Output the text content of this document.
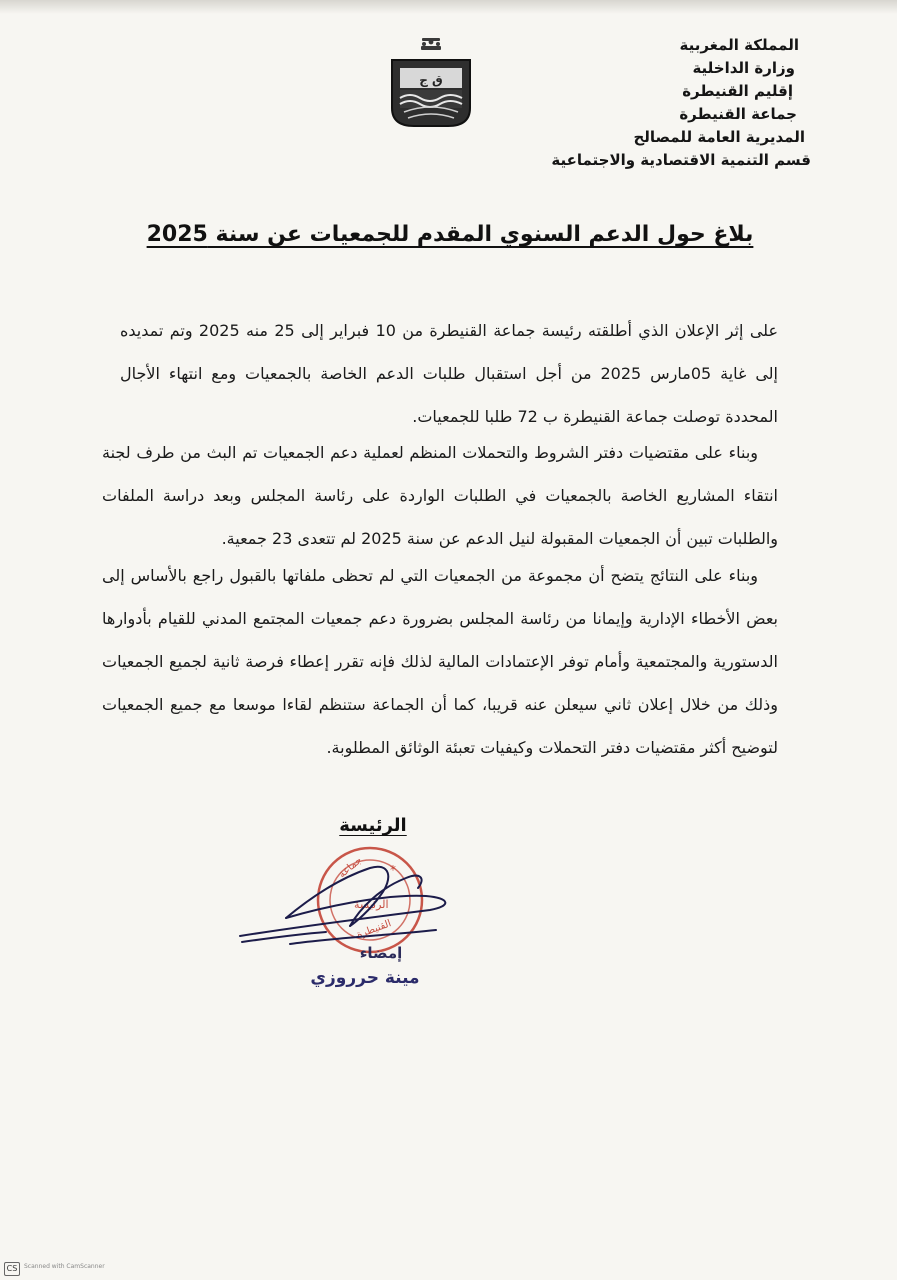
ﻕ ﺝ
المملكة المغربية
وزارة الداخلية
إقليم القنيطرة
جماعة القنيطرة
المديرية العامة للمصالح
قسم التنمية الاقتصادية والاجتماعية
بلاغ حول الدعم السنوي المقدم للجمعيات عن سنة 2025

على إثر الإعلان الذي أطلقته رئيسة جماعة القنيطرة من 10 فبراير إلى 25 منه 2025 وتم تمديده إلى غاية 05مارس 2025 من أجل استقبال طلبات الدعم الخاصة بالجمعيات ومع انتهاء الأجال المحددة توصلت جماعة القنيطرة ب 72 طلبا للجمعيات.

وبناء على مقتضيات دفتر الشروط والتحملات المنظم لعملية دعم الجمعيات تم البث من طرف لجنة انتقاء المشاريع الخاصة بالجمعيات في الطلبات الواردة على رئاسة المجلس وبعد دراسة الملفات والطلبات تبين أن الجمعيات المقبولة لنيل الدعم عن سنة 2025 لم تتعدى 23 جمعية.

وبناء على النتائج يتضح أن مجموعة من الجمعيات التي لم تحظى ملفاتها بالقبول راجع بالأساس إلى بعض الأخطاء الإدارية وإيمانا من رئاسة المجلس بضرورة دعم جمعيات المجتمع المدني للقيام بأدوارها الدستورية والمجتمعية وأمام توفر الإعتمادات المالية لذلك فإنه تقرر إعطاء فرصة ثانية لجميع الجمعيات وذلك من خلال إعلان ثاني سيعلن عنه قريبا، كما أن الجماعة ستنظم لقاءا موسعا مع جميع الجمعيات لتوضيح أكثر مقتضيات دفتر التحملات وكيفيات تعبئة الوثائق المطلوبة.

الرئيسة
جماعة *
القنيطرة
الرئيسة
إمضاء
مينة حرروزي
CS	Scanned with CamScanner
